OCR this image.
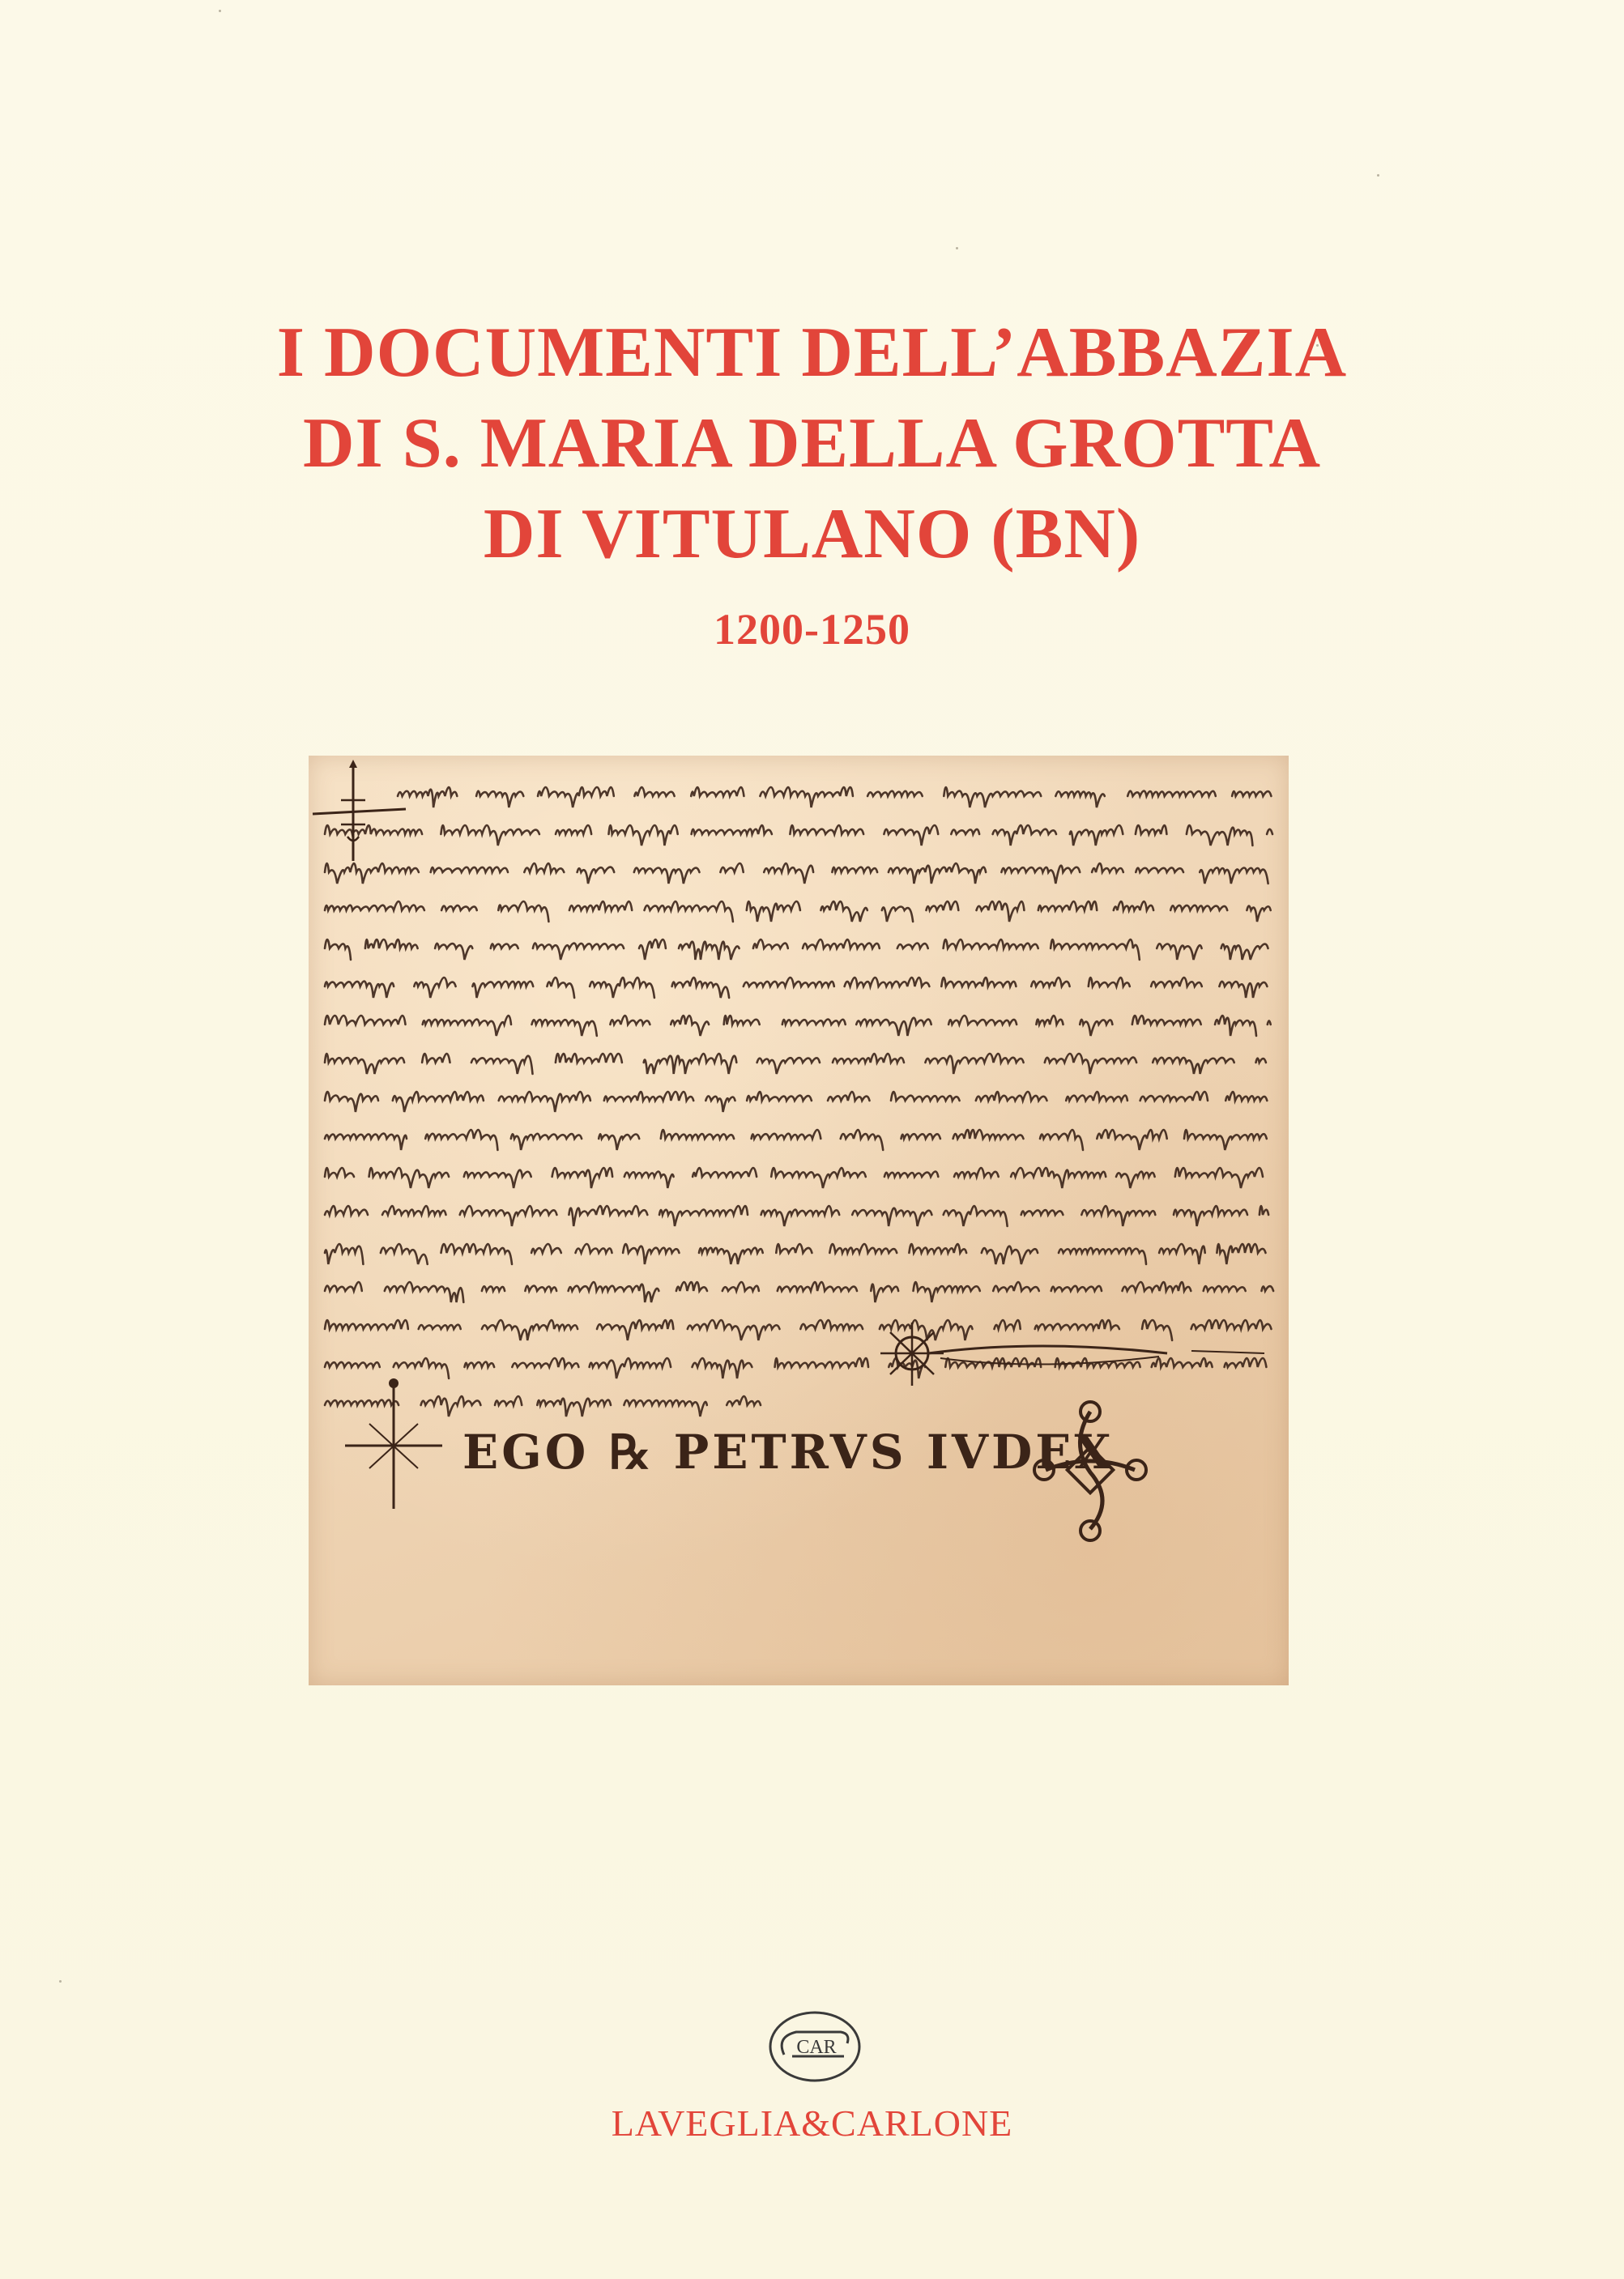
I DOCUMENTI DELL’ABBAZIA
DI S. MARIA DELLA GROTTA
DI VITULANO (BN)
1200-1250
EGO ℞ PETRVS IVDEX
CAR
LAVEGLIA&CARLONE
